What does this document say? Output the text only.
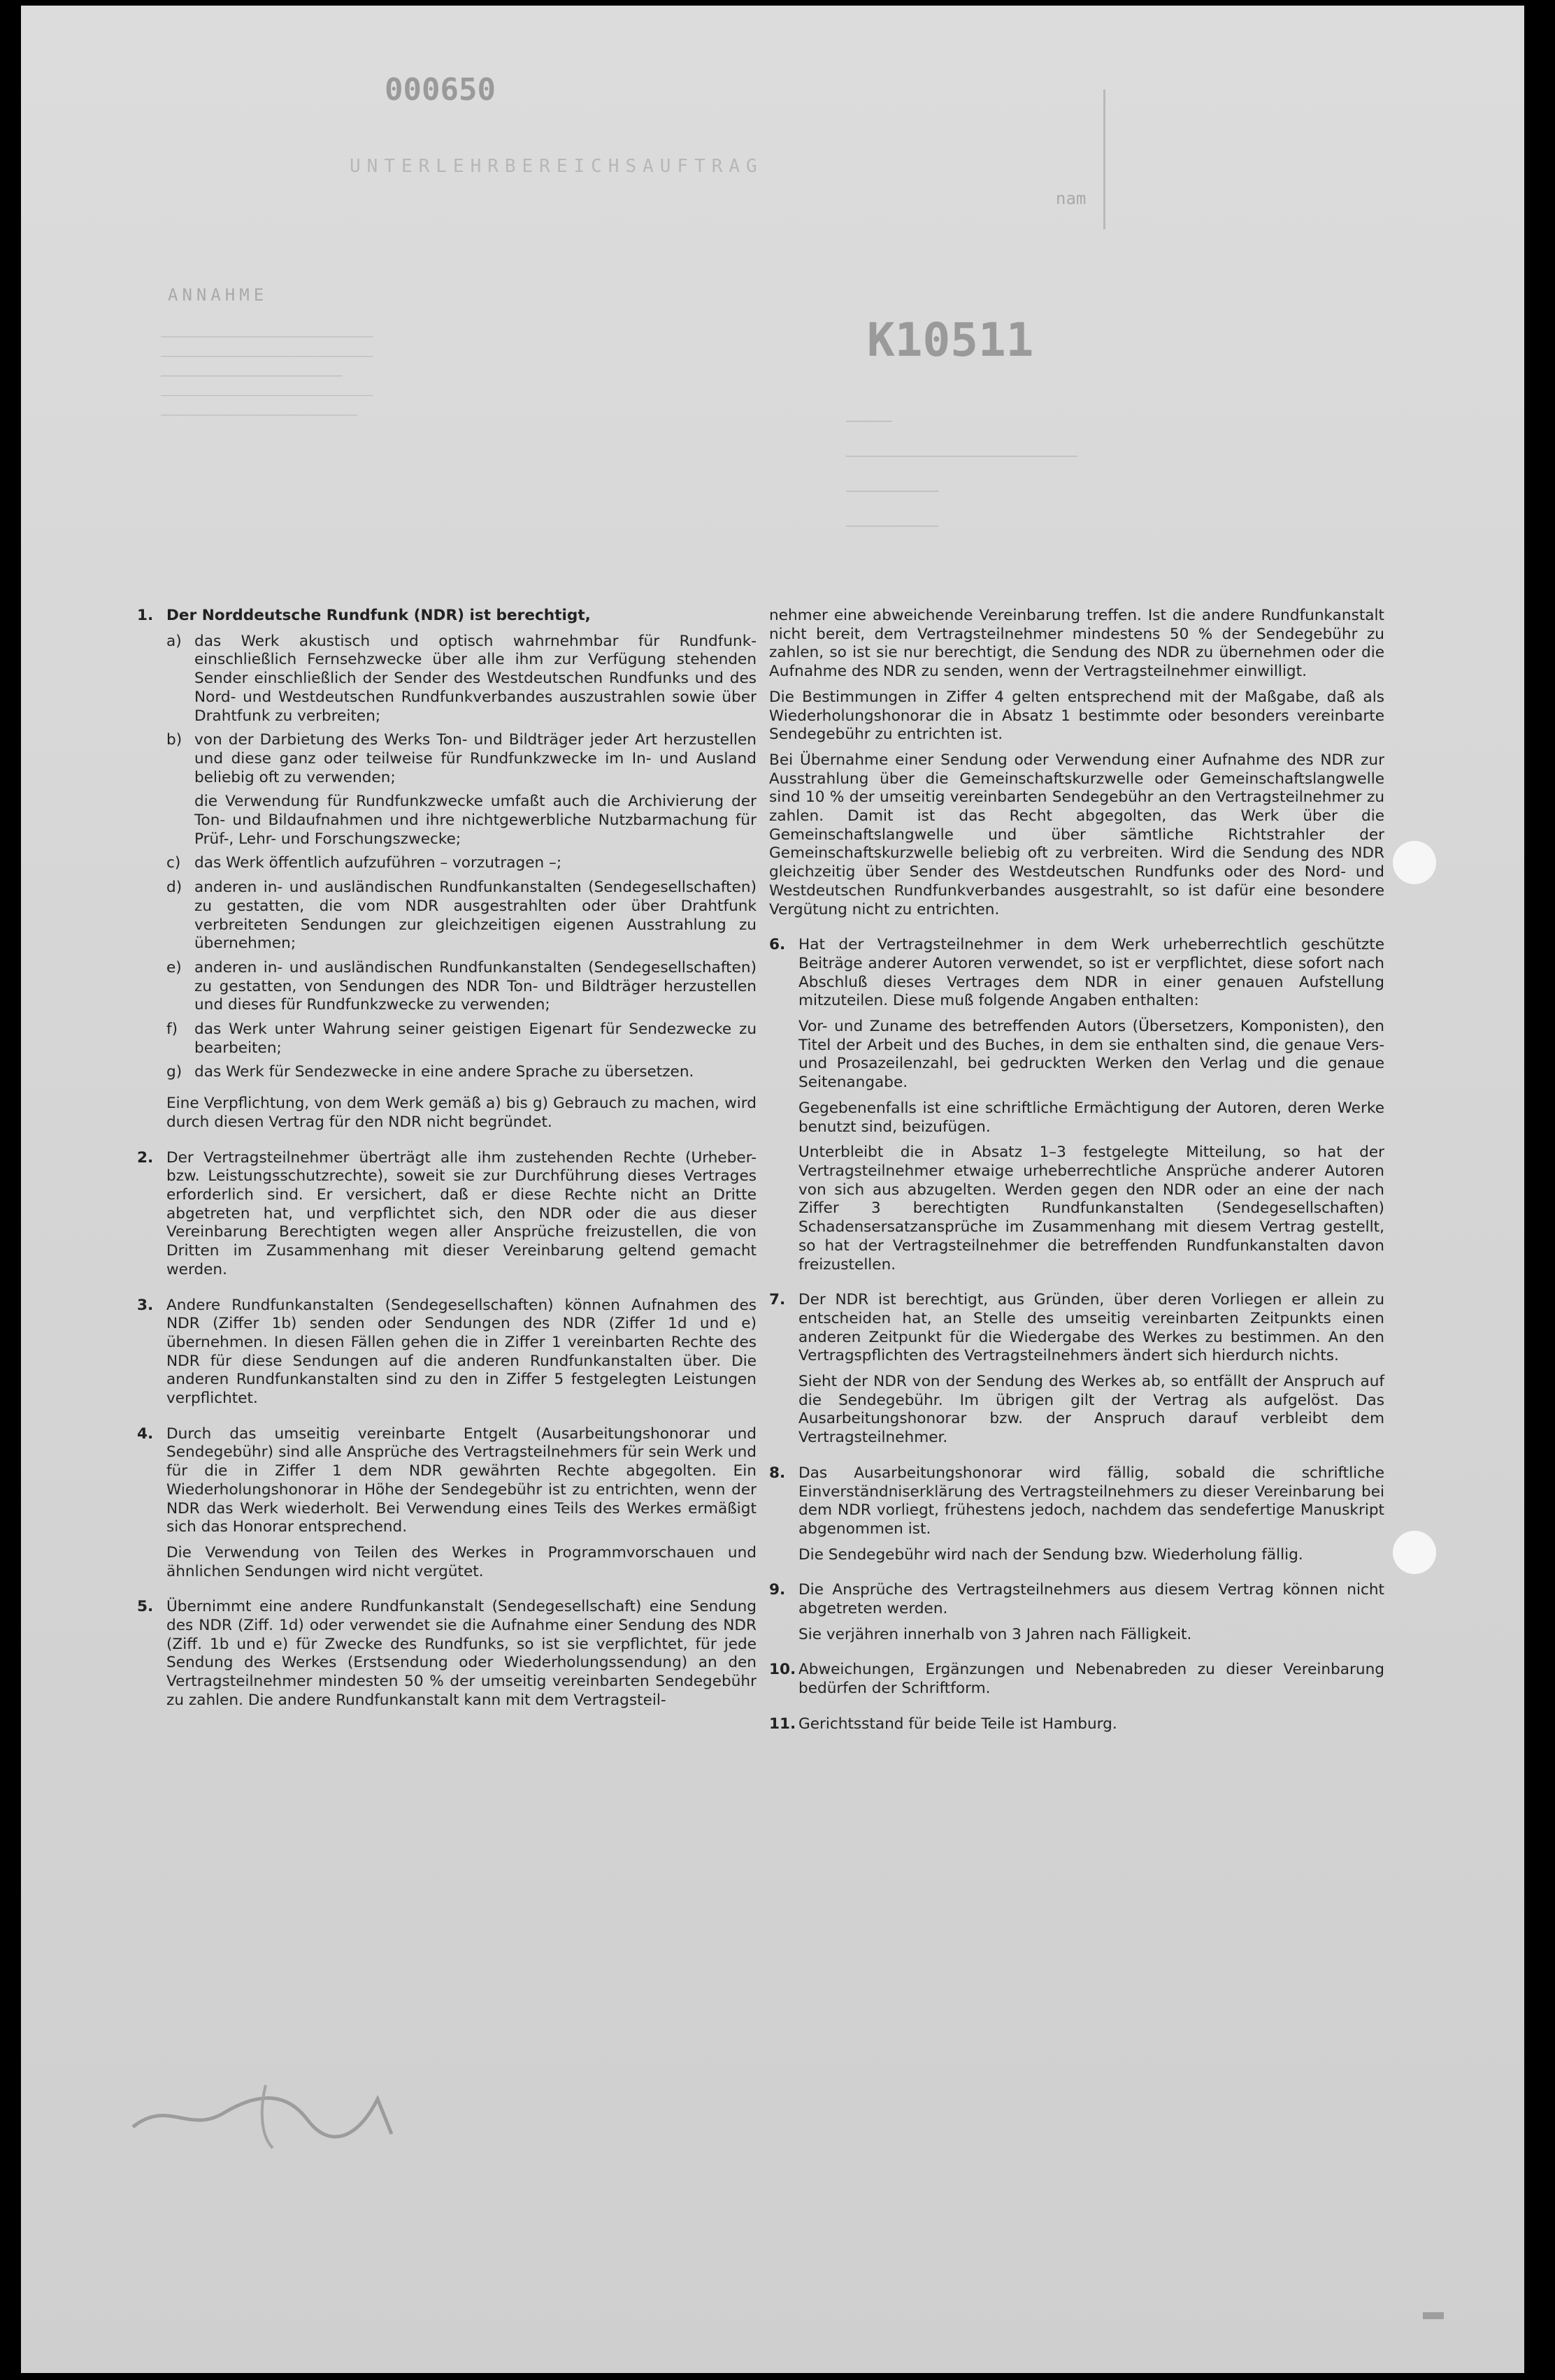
000650
UNTERLEHRBEREICHSAUFTRAG
ANNAHME
nam
K10511
––––––––––––––––––––––––––––
––––––––––––––––––––––––––––
––––––––––––––––––––––––
––––––––––––––––––––––––––––
––––––––––––––––––––––––––	–––––
–––––––––––––––––––––––––
––––––––––
––––––––––
1. Der Norddeutsche Rundfunk (NDR) ist berechtigt,
a) das Werk akustisch und optisch wahrnehmbar für Rundfunk- einschließlich Fernsehzwecke über alle ihm zur Verfügung stehenden Sender einschließlich der Sender des Westdeutschen Rundfunks und des Nord- und Westdeutschen Rundfunkverbandes auszustrahlen sowie über Drahtfunk zu verbreiten;
b) von der Darbietung des Werks Ton- und Bildträger jeder Art herzustellen und diese ganz oder teilweise für Rundfunkzwecke im In- und Ausland beliebig oft zu verwenden;
die Verwendung für Rundfunkzwecke umfaßt auch die Archivierung der Ton- und Bildaufnahmen und ihre nichtgewerbliche Nutzbarmachung für Prüf-, Lehr- und Forschungszwecke;
c) das Werk öffentlich aufzuführen – vorzutragen –;
d) anderen in- und ausländischen Rundfunkanstalten (Sendegesellschaften) zu gestatten, die vom NDR ausgestrahlten oder über Drahtfunk verbreiteten Sendungen zur gleichzeitigen eigenen Ausstrahlung zu übernehmen;
e) anderen in- und ausländischen Rundfunkanstalten (Sendegesellschaften) zu gestatten, von Sendungen des NDR Ton- und Bildträger herzustellen und dieses für Rundfunkzwecke zu verwenden;
f)	das Werk unter Wahrung seiner geistigen Eigenart für Sendezwecke zu bearbeiten;
g) das Werk für Sendezwecke in eine andere Sprache zu übersetzen.
Eine Verpflichtung, von dem Werk gemäß a) bis g) Gebrauch zu machen, wird durch diesen Vertrag für den NDR nicht begründet.
2. Der Vertragsteilnehmer überträgt alle ihm zustehenden Rechte (Urheber- bzw. Leistungsschutzrechte), soweit sie zur Durchführung dieses Vertrages erforderlich sind. Er versichert, daß er diese Rechte nicht an Dritte abgetreten hat, und verpflichtet sich, den NDR oder die aus dieser Vereinbarung Berechtigten wegen aller Ansprüche freizustellen, die von Dritten im Zusammenhang mit dieser Vereinbarung geltend gemacht werden.
3. Andere Rundfunkanstalten (Sendegesellschaften) können Aufnahmen des NDR (Ziffer 1b) senden oder Sendungen des NDR (Ziffer 1d und e) übernehmen. In diesen Fällen gehen die in Ziffer 1 vereinbarten Rechte des NDR für diese Sendungen auf die anderen Rundfunkanstalten über. Die anderen Rundfunkanstalten sind zu den in Ziffer 5 festgelegten Leistungen verpflichtet.
4. Durch das umseitig vereinbarte Entgelt (Ausarbeitungshonorar und Sendegebühr) sind alle Ansprüche des Vertragsteilnehmers für sein Werk und für die in Ziffer 1 dem NDR gewährten Rechte abgegolten. Ein Wiederholungshonorar in Höhe der Sendegebühr ist zu entrichten, wenn der NDR das Werk wiederholt. Bei Verwendung eines Teils des Werkes ermäßigt sich das Honorar entsprechend.
Die Verwendung von Teilen des Werkes in Programmvorschauen und ähnlichen Sendungen wird nicht vergütet.
5. Übernimmt eine andere Rundfunkanstalt (Sendegesellschaft) eine Sendung des NDR (Ziff. 1d) oder verwendet sie die Aufnahme einer Sendung des NDR (Ziff. 1b und e) für Zwecke des Rundfunks, so ist sie verpflichtet, für jede Sendung des Werkes (Erstsendung oder Wiederholungssendung) an den Vertragsteilnehmer mindesten 50 % der umseitig vereinbarten Sendegebühr zu zahlen. Die andere Rundfunkanstalt kann mit dem Vertragsteil-
nehmer eine abweichende Vereinbarung treffen. Ist die andere Rundfunkanstalt nicht bereit, dem Vertragsteilnehmer mindestens 50 % der Sendegebühr zu zahlen, so ist sie nur berechtigt, die Sendung des NDR zu übernehmen oder die Aufnahme des NDR zu senden, wenn der Vertragsteilnehmer einwilligt.
Die Bestimmungen in Ziffer 4 gelten entsprechend mit der Maßgabe, daß als Wiederholungshonorar die in Absatz 1 bestimmte oder besonders vereinbarte Sendegebühr zu entrichten ist.
Bei Übernahme einer Sendung oder Verwendung einer Aufnahme des NDR zur Ausstrahlung über die Gemeinschaftskurzwelle oder Gemeinschaftslangwelle sind 10 % der umseitig vereinbarten Sendegebühr an den Vertragsteilnehmer zu zahlen. Damit ist das Recht abgegolten, das Werk über die Gemeinschaftslangwelle und über sämtliche Richtstrahler der Gemeinschaftskurzwelle beliebig oft zu verbreiten. Wird die Sendung des NDR gleichzeitig über Sender des Westdeutschen Rundfunks oder des Nord- und Westdeutschen Rundfunkverbandes ausgestrahlt, so ist dafür eine besondere Vergütung nicht zu entrichten.
6. Hat der Vertragsteilnehmer in dem Werk urheberrechtlich geschützte Beiträge anderer Autoren verwendet, so ist er verpflichtet, diese sofort nach Abschluß dieses Vertrages dem NDR in einer genauen Aufstellung mitzuteilen. Diese muß folgende Angaben enthalten:
Vor- und Zuname des betreffenden Autors (Übersetzers, Komponisten), den Titel der Arbeit und des Buches, in dem sie enthalten sind, die genaue Vers- und Prosazeilenzahl, bei gedruckten Werken den Verlag und die genaue Seitenangabe.
Gegebenenfalls ist eine schriftliche Ermächtigung der Autoren, deren Werke benutzt sind, beizufügen.
Unterbleibt die in Absatz 1–3 festgelegte Mitteilung, so hat der Vertragsteilnehmer etwaige urheberrechtliche Ansprüche anderer Autoren von sich aus abzugelten. Werden gegen den NDR oder an eine der nach Ziffer 3 berechtigten Rundfunkanstalten (Sendegesellschaften) Schadensersatzansprüche im Zusammenhang mit diesem Vertrag gestellt, so hat der Vertragsteilnehmer die betreffenden Rundfunkanstalten davon freizustellen.
7. Der NDR ist berechtigt, aus Gründen, über deren Vorliegen er allein zu entscheiden hat, an Stelle des umseitig vereinbarten Zeitpunkts einen anderen Zeitpunkt für die Wiedergabe des Werkes zu bestimmen. An den Vertragspflichten des Vertragsteilnehmers ändert sich hierdurch nichts.
Sieht der NDR von der Sendung des Werkes ab, so entfällt der Anspruch auf die Sendegebühr. Im übrigen gilt der Vertrag als aufgelöst. Das Ausarbeitungshonorar bzw. der Anspruch darauf verbleibt dem Vertragsteilnehmer.
8. Das Ausarbeitungshonorar wird fällig, sobald die schriftliche Einverständniserklärung des Vertragsteilnehmers zu dieser Vereinbarung bei dem NDR vorliegt, frühestens jedoch, nachdem das sendefertige Manuskript abgenommen ist.
Die Sendegebühr wird nach der Sendung bzw. Wiederholung fällig.
9. Die Ansprüche des Vertragsteilnehmers aus diesem Vertrag können nicht abgetreten werden.
Sie verjähren innerhalb von 3 Jahren nach Fälligkeit.
10. Abweichungen, Ergänzungen und Nebenabreden zu dieser Vereinbarung bedürfen der Schriftform.
11. Gerichtsstand für beide Teile ist Hamburg.
